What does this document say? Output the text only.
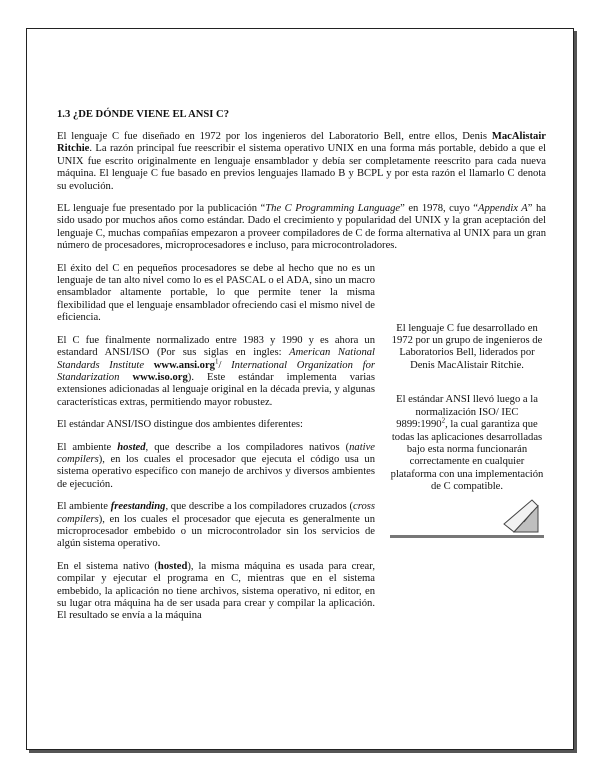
1.3 ¿DE DÓNDE VIENE EL ANSI C?

El lenguaje C fue diseñado en 1972 por los ingenieros del Laboratorio Bell, entre ellos, Denis MacAlistair Ritchie. La razón principal fue reescribir el sistema operativo UNIX en una forma más portable, debido a que el UNIX fue escrito originalmente en lenguaje ensamblador y debía ser completamente reescrito para cada nueva máquina. El lenguaje C fue basado en previos lenguajes llamado B y BCPL y por esta razón el llamarlo C denota su evolución.

EL lenguaje fue presentado por la publicación “The C Programming Language” en 1978, cuyo “Appendix A” ha sido usado por muchos años como estándar. Dado el crecimiento y popularidad del UNIX y la gran aceptación del lenguaje C, muchas compañías empezaron a proveer compiladores de C de forma alternativa al UNIX para un gran número de procesadores, microprocesadores e incluso, para microcontroladores.

El éxito del C en pequeños procesadores se debe al hecho que no es un lenguaje de tan alto nivel como lo es el PASCAL o el ADA, sino un macro ensamblador altamente portable, lo que permite tener la misma flexibilidad que el lenguaje ensamblador ofreciendo casi el mismo nivel de eficiencia.

El C fue finalmente normalizado entre 1983 y 1990 y es ahora un estandard ANSI/ISO (Por sus siglas en ingles: American National Standards Institute www.ansi.org$^1$/ International Organization for Standarization www.iso.org). Este estándar implementa varias extensiones adicionadas al lenguaje original en la década previa, y algunas características extras, permitiendo mayor robustez.

El estándar ANSI/ISO distingue dos ambientes diferentes:

El ambiente hosted, que describe a los compiladores nativos (native compilers), en los cuales el procesador que ejecuta el código usa un sistema operativo específico con manejo de archivos y diversos ambientes de ejecución.

El ambiente freestanding, que describe a los compiladores cruzados (cross compilers), en los cuales el procesador que ejecuta es generalmente un microprocesador embebido o un microcontrolador sin los servicios de algún sistema operativo.

En el sistema nativo (hosted), la misma máquina es usada para crear, compilar y ejecutar el programa en C, mientras que en el sistema embebido, la aplicación no tiene archivos, sistema operativo, ni editor, en su lugar otra máquina ha de ser usada para crear y compilar la aplicación. El resultado se envía a la máquina

El lenguaje C fue desarrollado en 1972 por un grupo de ingenieros de Laboratorios Bell, liderados por Denis MacAlistair Ritchie.
El estándar ANSI llevó luego a la normalización ISO/ IEC 9899:1990$^2$, la cual garantiza que todas las aplicaciones desarrolladas bajo esta norma funcionarán correctamente en cualquier plataforma con una implementación de C compatible.
